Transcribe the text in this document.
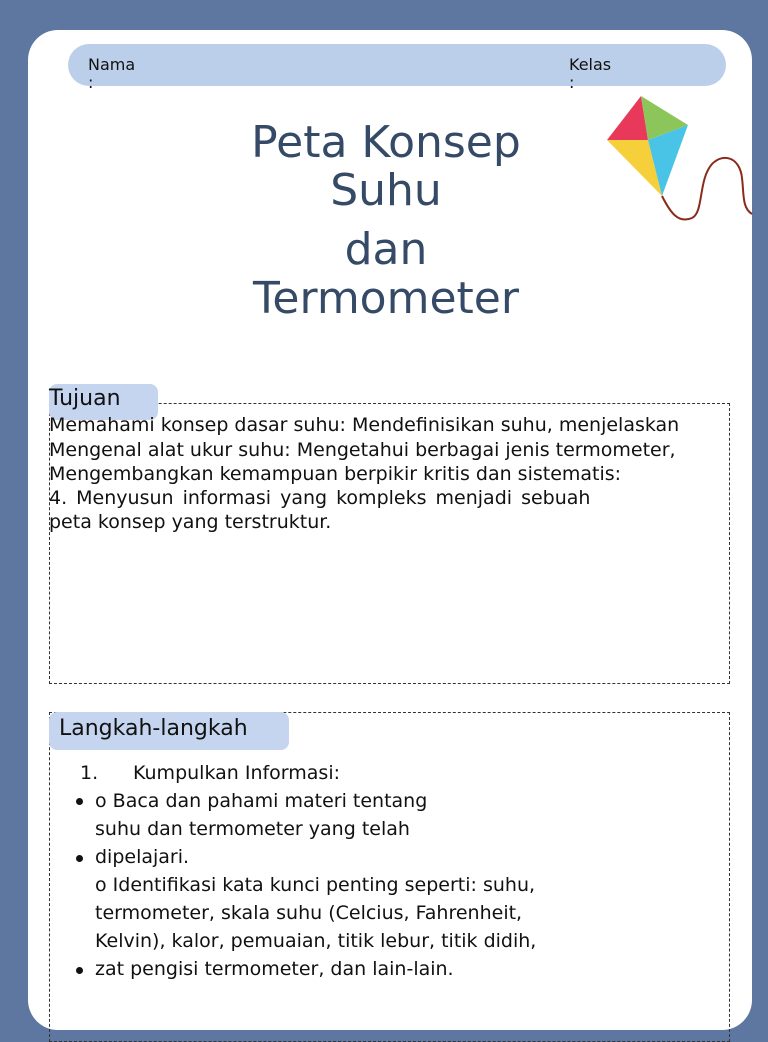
Nama
:
Kelas
:
Peta Konsep
Suhu
dan
Termometer
Tujuan
Memahami konsep dasar suhu: Mendefinisikan suhu, menjelaskan
Mengenal alat ukur suhu: Mengetahui berbagai jenis termometer,
Mengembangkan kemampuan berpikir kritis dan sistematis:
4. Menyusun informasi yang kompleks menjadi sebuah
peta konsep yang terstruktur.
Langkah-langkah
1. Kumpulkan Informasi:
o Baca dan pahami materi tentang
suhu dan termometer yang telah
dipelajari.
o Identifikasi kata kunci penting seperti: suhu,
termometer, skala suhu (Celcius, Fahrenheit,
Kelvin), kalor, pemuaian, titik lebur, titik didih,
zat pengisi termometer, dan lain-lain.
